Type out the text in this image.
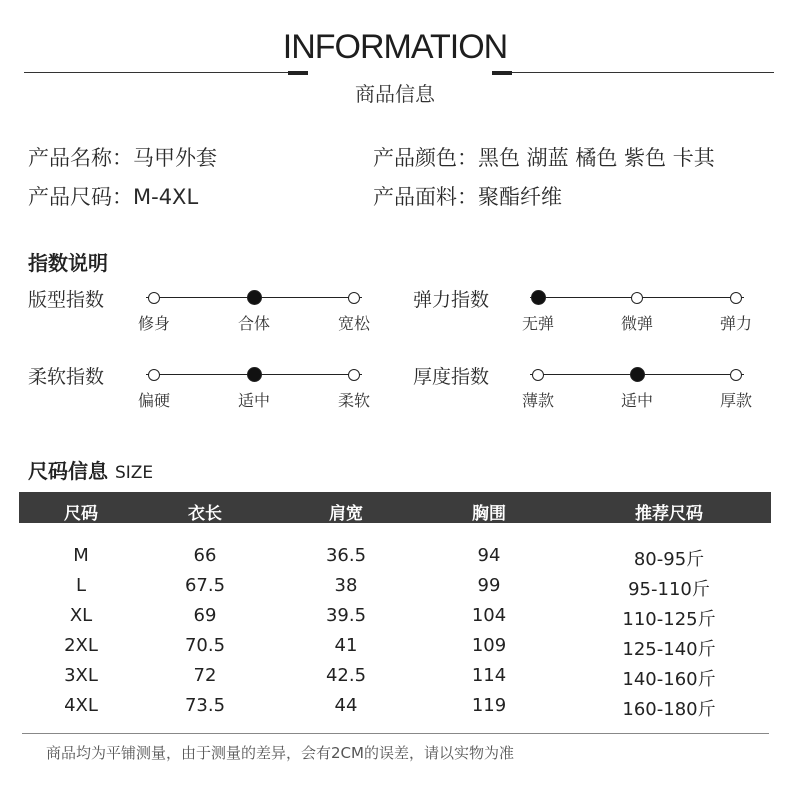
INFORMATION
商品信息
产品名称：马甲外套
产品尺码：M-4XL
产品颜色：黑色 湖蓝 橘色 紫色 卡其
产品面料：聚酯纤维
指数说明
版型指数
修身	合体	宽松
弹力指数
无弹	微弹	弹力
柔软指数
偏硬	适中	柔软
厚度指数
薄款	适中	厚款
尺码信息 SIZE
尺码	衣长	肩宽	胸围	推荐尺码
M	66	36.5	94	80-95斤
L	67.5	38	99	95-110斤
XL	69	39.5	104	110-125斤
2XL	70.5	41	109	125-140斤
3XL	72	42.5	114	140-160斤
4XL	73.5	44	119	160-180斤
商品均为平铺测量，由于测量的差异，会有2CM的误差，请以实物为准
